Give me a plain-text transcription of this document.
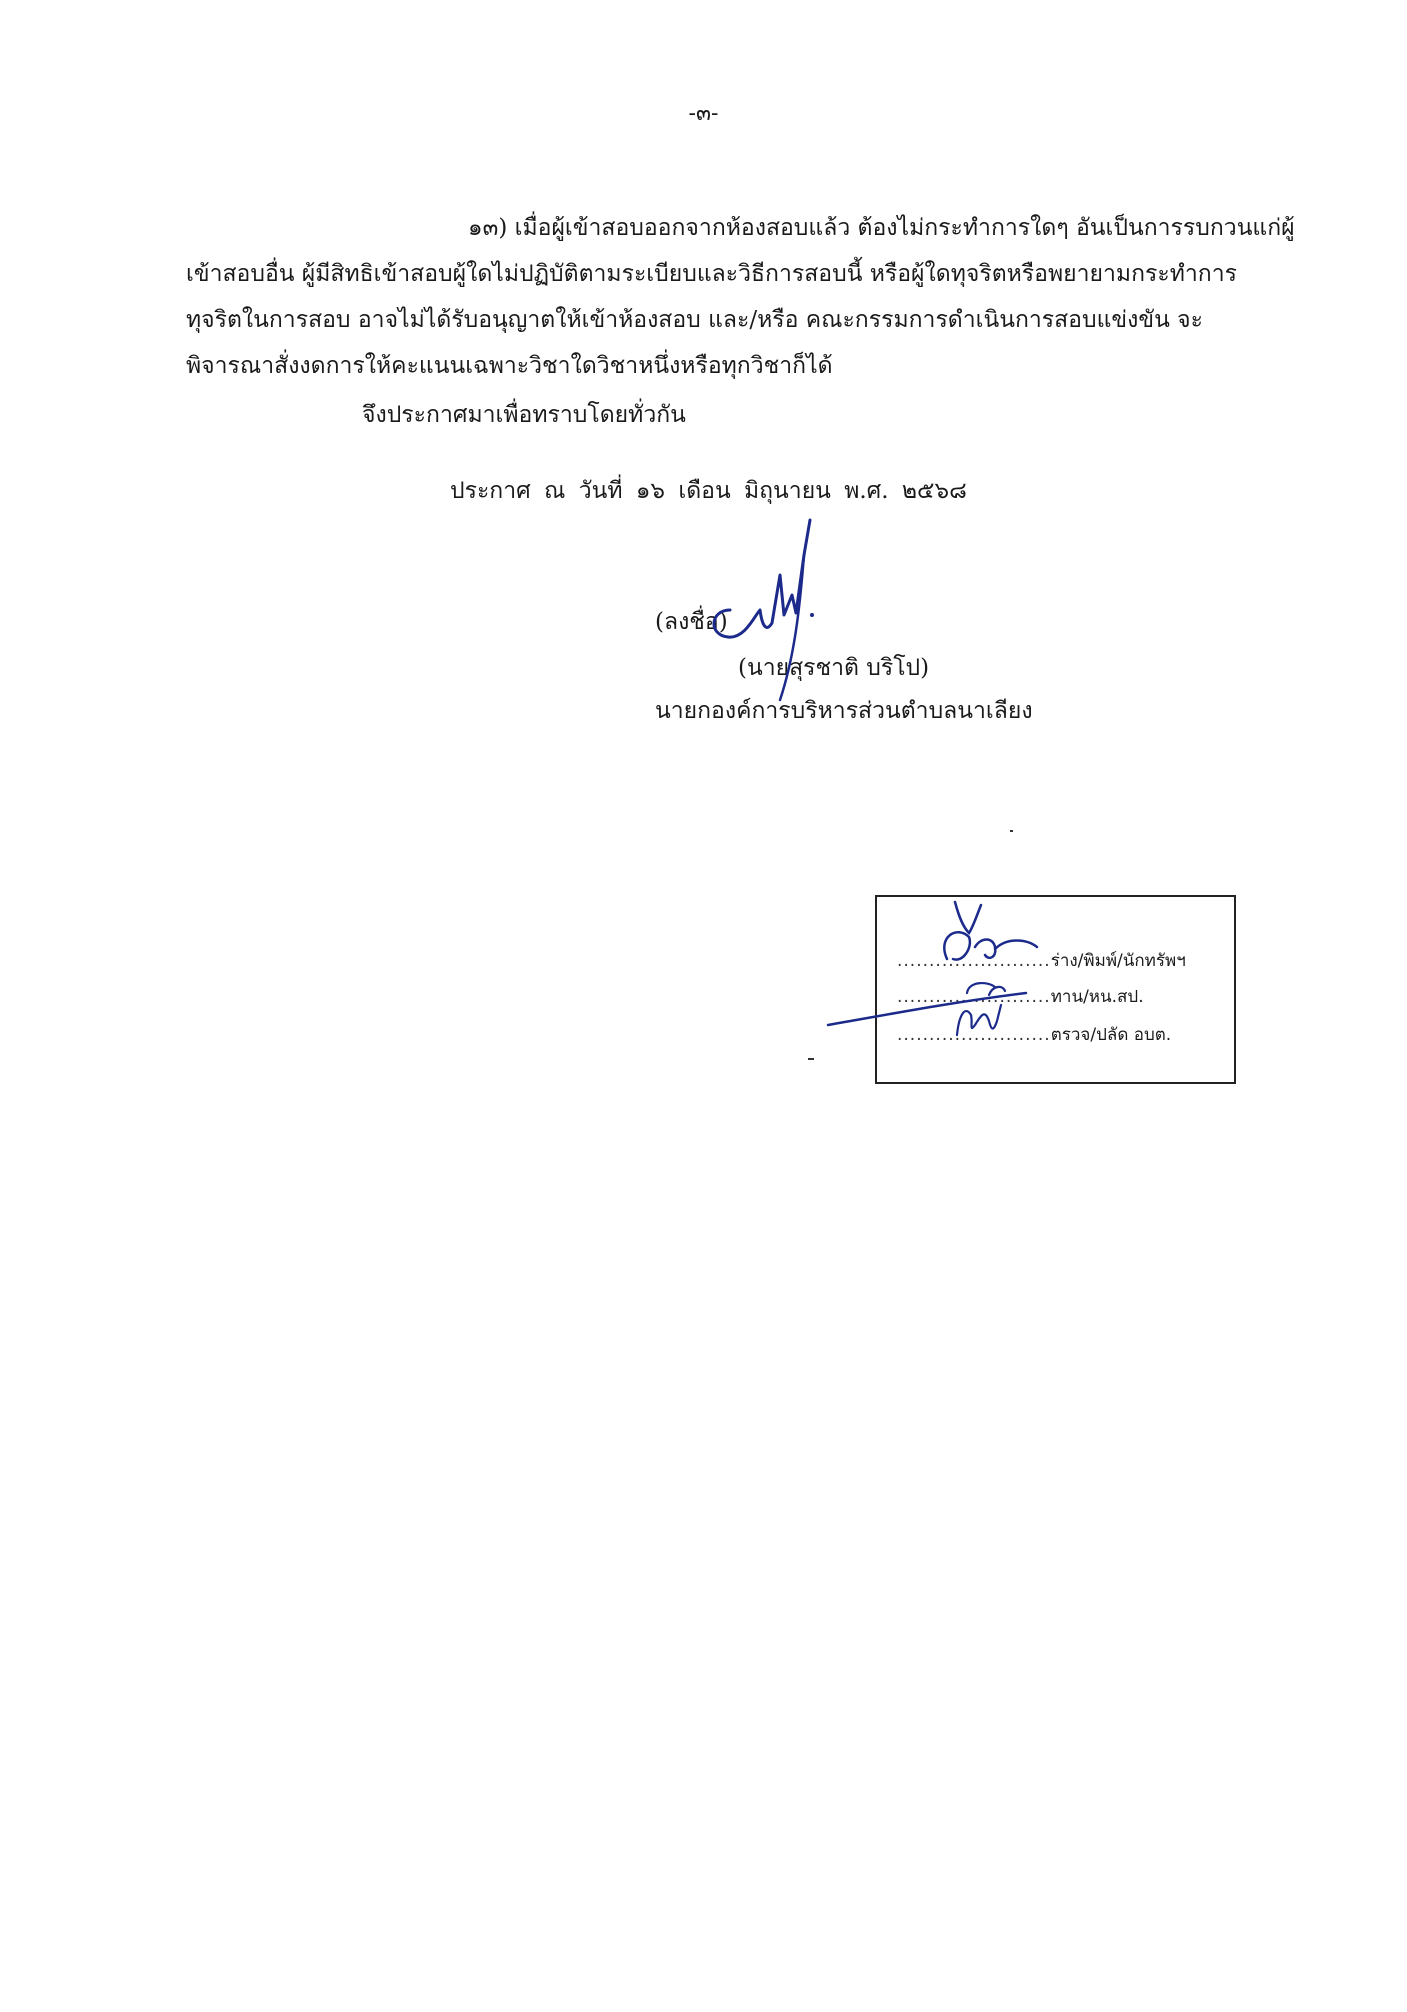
-๓-
๑๓) เมื่อผู้เข้าสอบออกจากห้องสอบแล้ว ต้องไม่กระทำการใดๆ อันเป็นการรบกวนแก่ผู้
เข้าสอบอื่น ผู้มีสิทธิเข้าสอบผู้ใดไม่ปฏิบัติตามระเบียบและวิธีการสอบนี้ หรือผู้ใดทุจริตหรือพยายามกระทำการ
ทุจริตในการสอบ อาจไม่ได้รับอนุญาตให้เข้าห้องสอบ และ/หรือ คณะกรรมการดำเนินการสอบแข่งขัน จะ
พิจารณาสั่งงดการให้คะแนนเฉพาะวิชาใดวิชาหนึ่งหรือทุกวิชาก็ได้
จึงประกาศมาเพื่อทราบโดยทั่วกัน
ประกาศ ณ วันที่ ๑๖ เดือน มิถุนายน พ.ศ. ๒๕๖๘
(ลงชื่อ)
(นายสุรชาติ บริโป)
นายกองค์การบริหารส่วนตำบลนาเลียง
........................ร่าง/พิมพ์/นักทรัพฯ
........................ทาน/หน.สป.
........................ตรวจ/ปลัด อบต.
